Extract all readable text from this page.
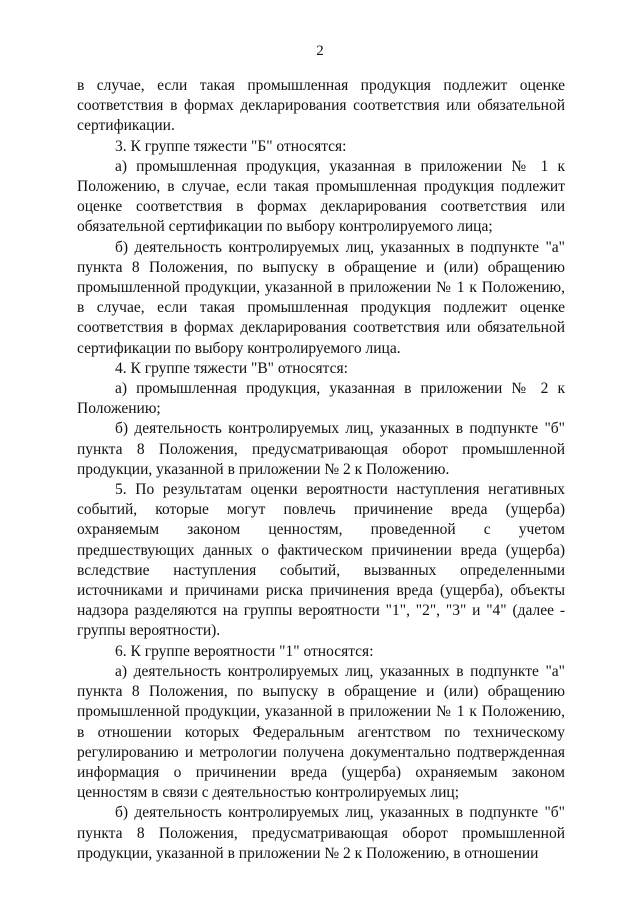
2

в случае, если такая промышленная продукция подлежит оценке соответствия в формах декларирования соответствия или обязательной сертификации.

3. К группе тяжести "Б" относятся:

а) промышленная продукция, указанная в приложении № 1 к Положению, в случае, если такая промышленная продукция подлежит оценке соответствия в формах декларирования соответствия или обязательной сертификации по выбору контролируемого лица;

б) деятельность контролируемых лиц, указанных в подпункте "а" пункта 8 Положения, по выпуску в обращение и (или) обращению промышленной продукции, указанной в приложении № 1 к Положению, в случае, если такая промышленная продукция подлежит оценке соответствия в формах декларирования соответствия или обязательной сертификации по выбору контролируемого лица.

4. К группе тяжести "В" относятся:

а) промышленная продукция, указанная в приложении № 2 к Положению;

б) деятельность контролируемых лиц, указанных в подпункте "б" пункта 8 Положения, предусматривающая оборот промышленной продукции, указанной в приложении № 2 к Положению.

5. По результатам оценки вероятности наступления негативных событий, которые могут повлечь причинение вреда (ущерба) охраняемым законом ценностям, проведенной с учетом предшествующих данных о фактическом причинении вреда (ущерба) вследствие наступления событий, вызванных определенными источниками и причинами риска причинения вреда (ущерба), объекты надзора разделяются на группы вероятности "1", "2", "3" и "4" (далее - группы вероятности).

6. К группе вероятности "1" относятся:

а) деятельность контролируемых лиц, указанных в подпункте "а" пункта 8 Положения, по выпуску в обращение и (или) обращению промышленной продукции, указанной в приложении № 1 к Положению, в отношении которых Федеральным агентством по техническому регулированию и метрологии получена документально подтвержденная информация о причинении вреда (ущерба) охраняемым законом ценностям в связи с деятельностью контролируемых лиц;

б) деятельность контролируемых лиц, указанных в подпункте "б" пункта 8 Положения, предусматривающая оборот промышленной продукции, указанной в приложении № 2 к Положению, в отношении
